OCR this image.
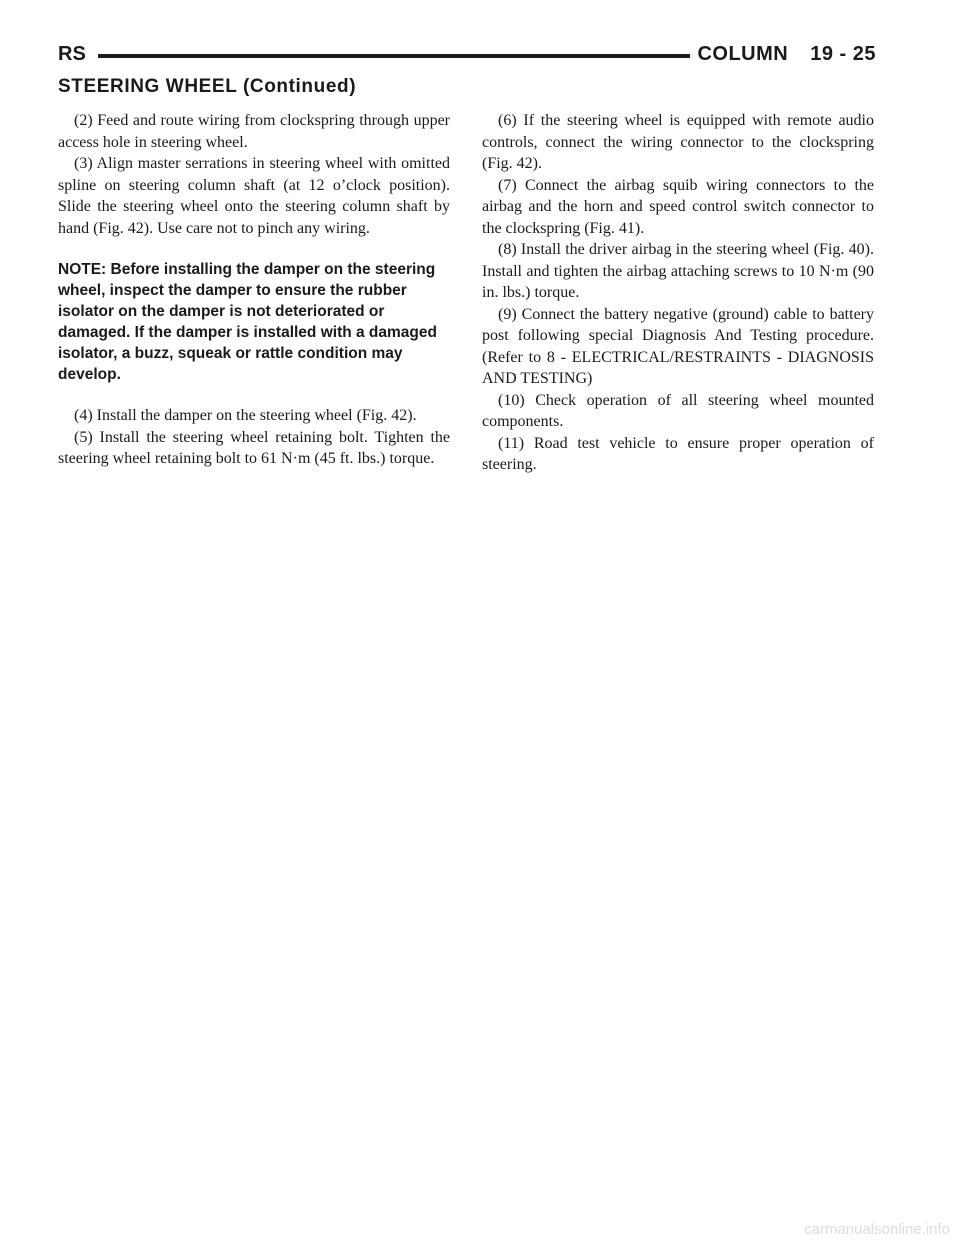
RS	COLUMN 19 - 25
STEERING WHEEL (Continued)

(2) Feed and route wiring from clockspring through upper access hole in steering wheel.

(3) Align master serrations in steering wheel with omitted spline on steering column shaft (at 12 o’clock position). Slide the steering wheel onto the steering column shaft by hand (Fig. 42). Use care not to pinch any wiring.

NOTE: Before installing the damper on the steering wheel, inspect the damper to ensure the rubber isolator on the damper is not deteriorated or damaged. If the damper is installed with a damaged isolator, a buzz, squeak or rattle condition may develop.

(4) Install the damper on the steering wheel (Fig. 42).

(5) Install the steering wheel retaining bolt. Tighten the steering wheel retaining bolt to 61 N·m (45 ft. lbs.) torque.

(6) If the steering wheel is equipped with remote audio controls, connect the wiring connector to the clockspring (Fig. 42).

(7) Connect the airbag squib wiring connectors to the airbag and the horn and speed control switch connector to the clockspring (Fig. 41).

(8) Install the driver airbag in the steering wheel (Fig. 40). Install and tighten the airbag attaching screws to 10 N·m (90 in. lbs.) torque.

(9) Connect the battery negative (ground) cable to battery post following special Diagnosis And Testing procedure. (Refer to 8 - ELECTRICAL/RESTRAINTS - DIAGNOSIS AND TESTING)

(10) Check operation of all steering wheel mounted components.

(11) Road test vehicle to ensure proper operation of steering.

carmanualsonline.info
